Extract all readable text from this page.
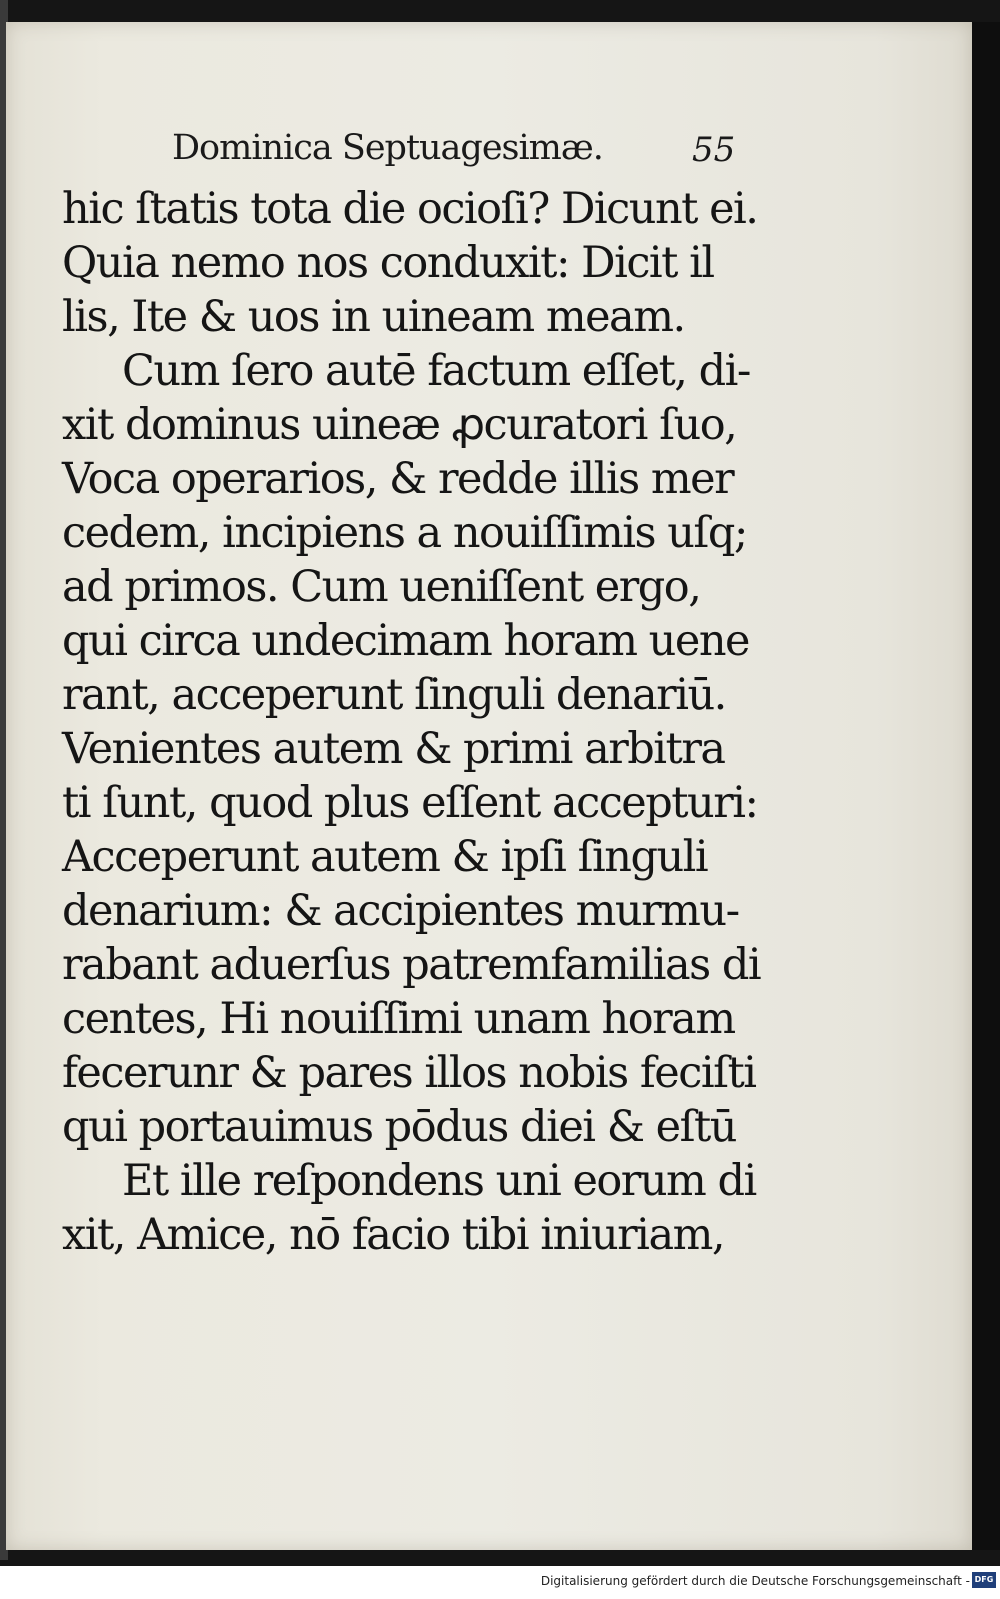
Dominica Septuagesimæ.	55
hic ſtatis tota die ocioſi? Dicunt ei.
Quia nemo nos conduxit: Dicit il
lis, Ite & uos in uineam meam.
Cum ſero autē factum eſſet, di-
xit dominus uineæ ꝓcuratori ſuo,
Voca operarios, & redde illis mer
cedem, incipiens a nouiſſimis uſq;
ad primos. Cum ueniſſent ergo,
qui circa undecimam horam uene
rant, acceperunt ſinguli denariū.
Venientes autem & primi arbitra
ti ſunt, quod plus eſſent accepturi:
Acceperunt autem & ipſi ſinguli
denarium: & accipientes murmu-
rabant aduerſus patremfamilias di
centes, Hi nouiſſimi unam horam
fecerunr & pares illos nobis feciſti
qui portauimus pōdus diei & eſtū
Et ille reſpondens uni eorum di
xit, Amice, nō facio tibi iniuriam,
Digitalisierung gefördert durch die Deutsche Forschungsgemeinschaft - DFG
